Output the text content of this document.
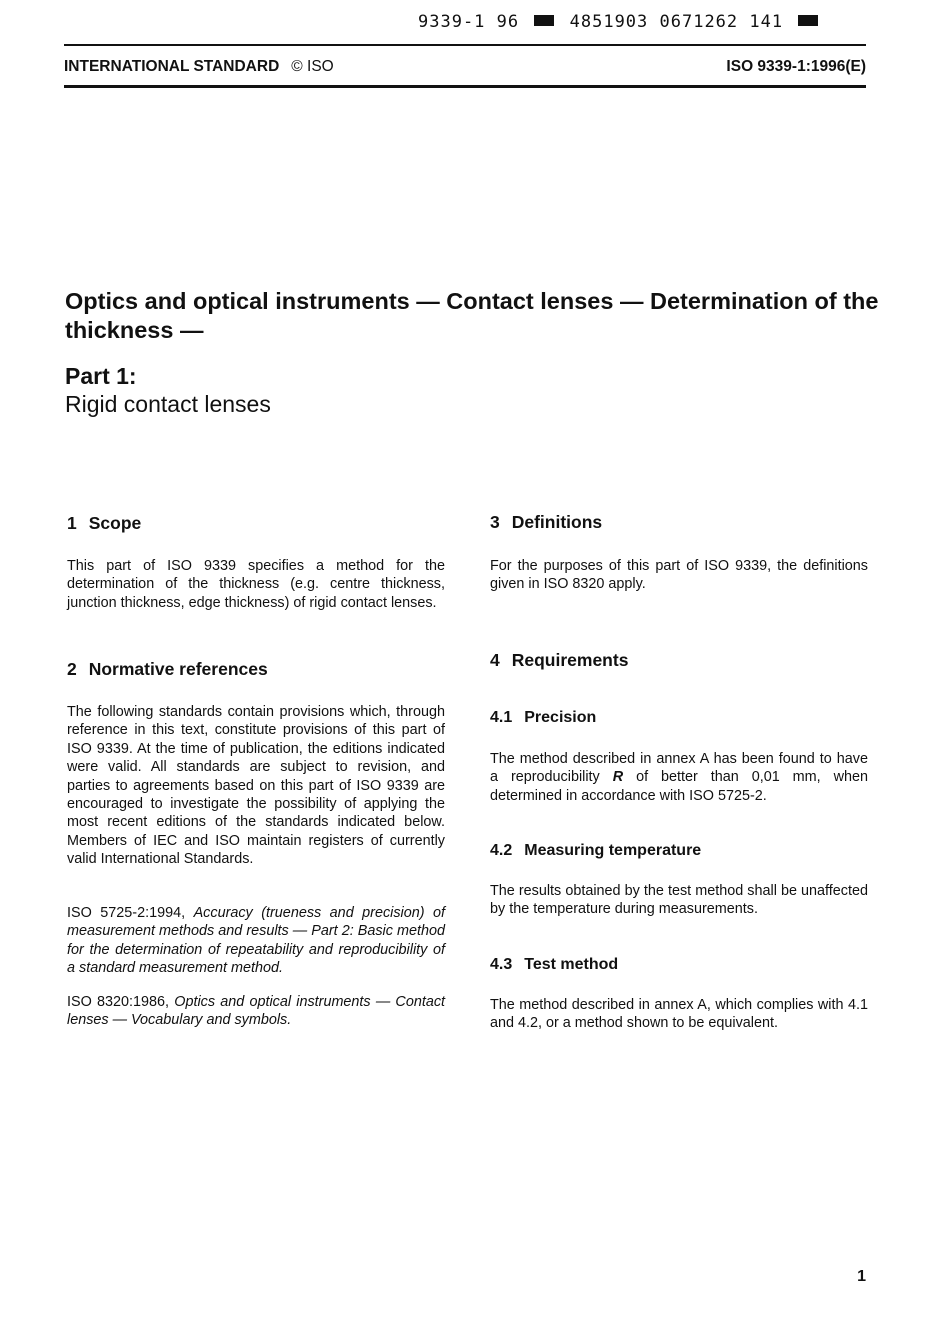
9339-1 96	4851903 0671262 141
INTERNATIONAL STANDARD © ISO	ISO 9339-1:1996(E)
Optics and optical instruments — Contact lenses — Determination of the thickness —
Part 1:
Rigid contact lenses
1 Scope

This part of ISO 9339 specifies a method for the determination of the thickness (e.g. centre thickness, junction thickness, edge thickness) of rigid contact lenses.

2 Normative references

The following standards contain provisions which, through reference in this text, constitute provisions of this part of ISO 9339. At the time of publication, the editions indicated were valid. All standards are subject to revision, and parties to agreements based on this part of ISO 9339 are encouraged to investigate the possibility of applying the most recent editions of the standards indicated below. Members of IEC and ISO maintain registers of currently valid International Standards.

ISO 5725-2:1994, Accuracy (trueness and precision) of measurement methods and results — Part 2: Basic method for the determination of repeatability and reproducibility of a standard measurement method.

ISO 8320:1986, Optics and optical instruments — Contact lenses — Vocabulary and symbols.

3 Definitions

For the purposes of this part of ISO 9339, the definitions given in ISO 8320 apply.

4 Requirements
4.1 Precision

The method described in annex A has been found to have a reproducibility R of better than 0,01 mm, when determined in accordance with ISO 5725-2.

4.2 Measuring temperature

The results obtained by the test method shall be unaffected by the temperature during measurements.

4.3 Test method

The method described in annex A, which complies with 4.1 and 4.2, or a method shown to be equivalent.

1
